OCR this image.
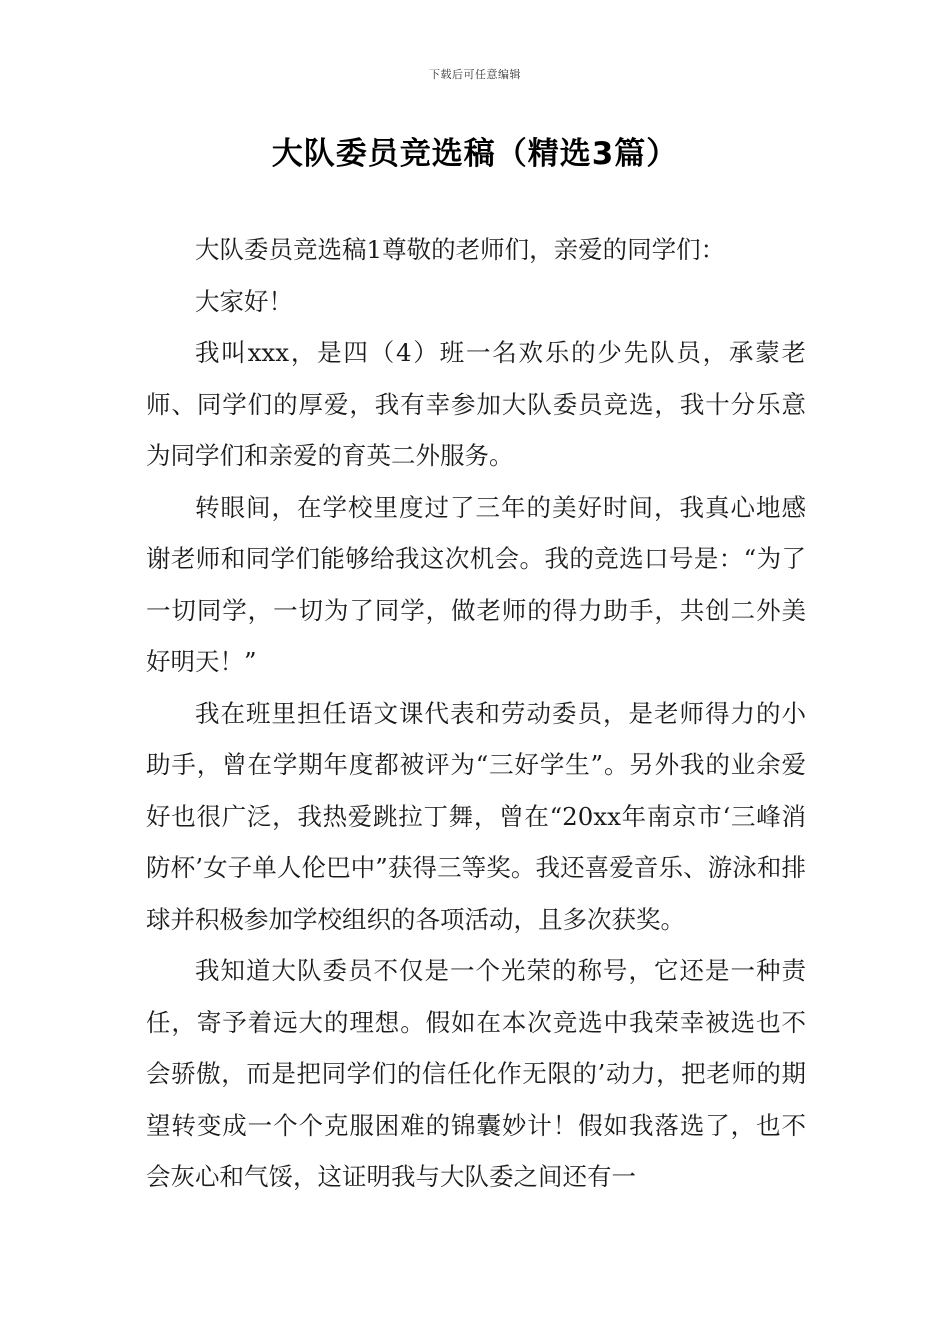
下载后可任意编辑
大队委员竞选稿（精选3篇）

大队委员竞选稿1尊敬的老师们，亲爱的同学们：

大家好！

我叫xxx，是四（4）班一名欢乐的少先队员，承蒙老师、同学们的厚爱，我有幸参加大队委员竞选，我十分乐意为同学们和亲爱的育英二外服务。

转眼间，在学校里度过了三年的美好时间，我真心地感谢老师和同学们能够给我这次机会。我的竞选口号是：“为了一切同学，一切为了同学，做老师的得力助手，共创二外美好明天！”

我在班里担任语文课代表和劳动委员，是老师得力的小助手，曾在学期年度都被评为“三好学生”。另外我的业余爱好也很广泛，我热爱跳拉丁舞，曾在“20xx年南京市‘三峰消防杯’女子单人伦巴中”获得三等奖。我还喜爱音乐、游泳和排球并积极参加学校组织的各项活动，且多次获奖。

我知道大队委员不仅是一个光荣的称号，它还是一种责任，寄予着远大的理想。假如在本次竞选中我荣幸被选也不会骄傲，而是把同学们的信任化作无限的’动力，把老师的期望转变成一个个克服困难的锦囊妙计！假如我落选了，也不会灰心和气馁，这证明我与大队委之间还有一
